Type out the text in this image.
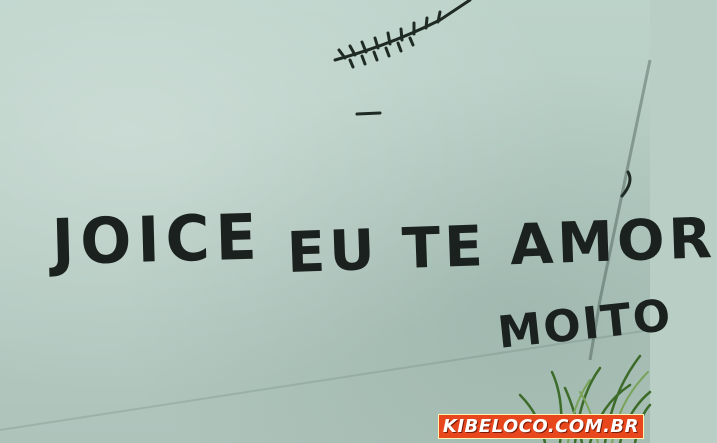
JOICE EU TE AMOR

MOITO

KIBELOCO.COM.BR
